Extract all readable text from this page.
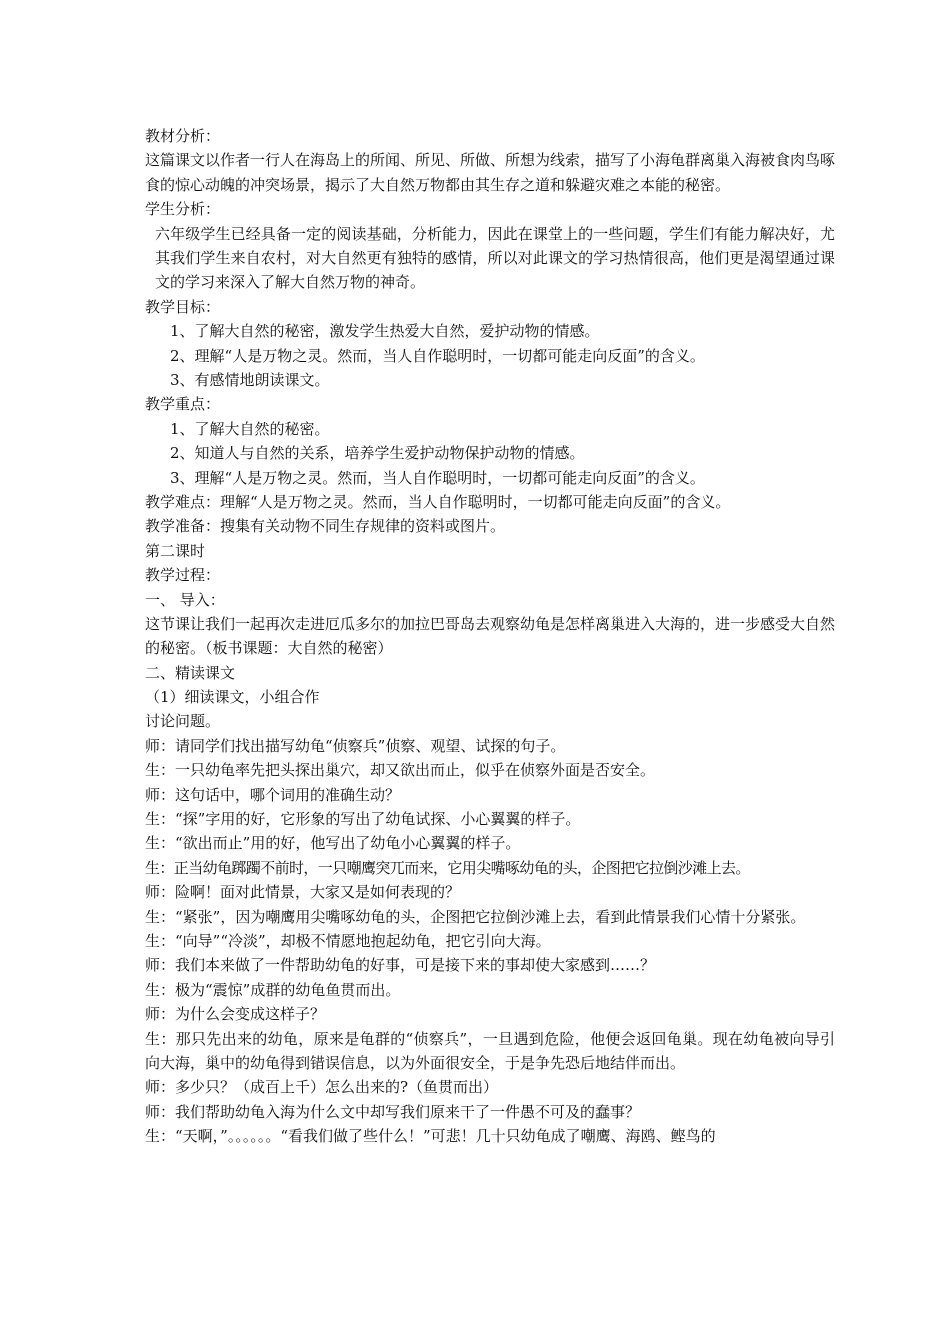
教材分析：
这篇课文以作者一行人在海岛上的所闻、所见、所做、所想为线索，描写了小海龟群离巢入海被食肉鸟啄食的惊心动魄的冲突场景，揭示了大自然万物都由其生存之道和躲避灾难之本能的秘密。
学生分析：
六年级学生已经具备一定的阅读基础，分析能力，因此在课堂上的一些问题，学生们有能力解决好，尤其我们学生来自农村，对大自然更有独特的感情，所以对此课文的学习热情很高，他们更是渴望通过课文的学习来深入了解大自然万物的神奇。
教学目标：
1、了解大自然的秘密，激发学生热爱大自然，爱护动物的情感。
2、理解“人是万物之灵。然而，当人自作聪明时，一切都可能走向反面”的含义。
3、有感情地朗读课文。
教学重点：
1、了解大自然的秘密。
2、知道人与自然的关系，培养学生爱护动物保护动物的情感。
3、理解“人是万物之灵。然而，当人自作聪明时，一切都可能走向反面”的含义。
教学难点：理解“人是万物之灵。然而，当人自作聪明时，一切都可能走向反面”的含义。
教学准备：搜集有关动物不同生存规律的资料或图片。
第二课时
教学过程：
一、 导入：
这节课让我们一起再次走进厄瓜多尔的加拉巴哥岛去观察幼龟是怎样离巢进入大海的，进一步感受大自然的秘密。（板书课题：大自然的秘密）
二、精读课文
（1）细读课文，小组合作
讨论问题。
师：请同学们找出描写幼龟“侦察兵”侦察、观望、试探的句子。
生：一只幼龟率先把头探出巢穴，却又欲出而止，似乎在侦察外面是否安全。
师：这句话中，哪个词用的准确生动？
生：“探”字用的好，它形象的写出了幼龟试探、小心翼翼的样子。
生：“欲出而止”用的好，他写出了幼龟小心翼翼的样子。
生：正当幼龟踯躅不前时，一只嘲鹰突兀而来，它用尖嘴啄幼龟的头，企图把它拉倒沙滩上去。
师：险啊！面对此情景，大家又是如何表现的？
生：“紧张”，因为嘲鹰用尖嘴啄幼龟的头，企图把它拉倒沙滩上去，看到此情景我们心情十分紧张。
生：“向导”“冷淡”，却极不情愿地抱起幼龟，把它引向大海。
师：我们本来做了一件帮助幼龟的好事，可是接下来的事却使大家感到……？
生：极为“震惊”成群的幼龟鱼贯而出。
师：为什么会变成这样子？
生：那只先出来的幼龟，原来是龟群的“侦察兵”，一旦遇到危险，他便会返回龟巢。现在幼龟被向导引向大海，巢中的幼龟得到错误信息，以为外面很安全，于是争先恐后地结伴而出。
师：多少只？（成百上千）怎么出来的?（鱼贯而出）
师：我们帮助幼龟入海为什么文中却写我们原来干了一件愚不可及的蠢事？
生：“天啊，”。。。。。。“看我们做了些什么！”可悲！几十只幼龟成了嘲鹰、海鸥、鲣鸟的
